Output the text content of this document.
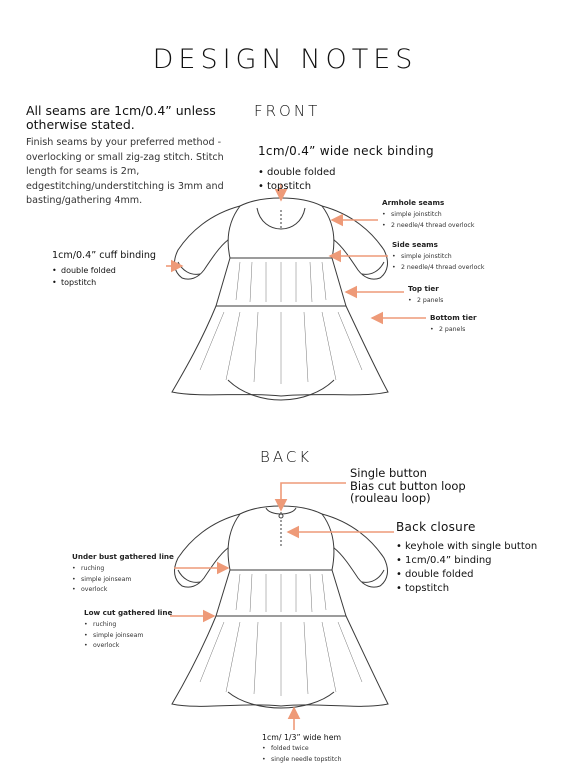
DESIGN NOTES
All seams are 1cm/0.4” unless otherwise stated.
Finish seams by your preferred method - overlocking or small zig-zag stitch. Stitch length for seams is 2m, edgestitching/understitching is 3mm and basting/gathering 4mm.
FRONT
1cm/0.4” wide neck binding
• double folded
• topstitch
1cm/0.4” cuff binding
• double folded
• topstitch
Armhole seams
• simple joinstitch
• 2 needle/4 thread overlock
Side seams
• simple joinstitch
• 2 needle/4 thread overlock
Top tier
• 2 panels
Bottom tier
• 2 panels
BACK
Single button
Bias cut button loop
(rouleau loop)
Back closure
• keyhole with single button
• 1cm/0.4” binding
• double folded
• topstitch
Under bust gathered line
• ruching
• simple joinseam
• overlock
Low cut gathered line
• ruching
• simple joinseam
• overlock
1cm/ 1/3” wide hem
• folded twice
• single needle topstitch
